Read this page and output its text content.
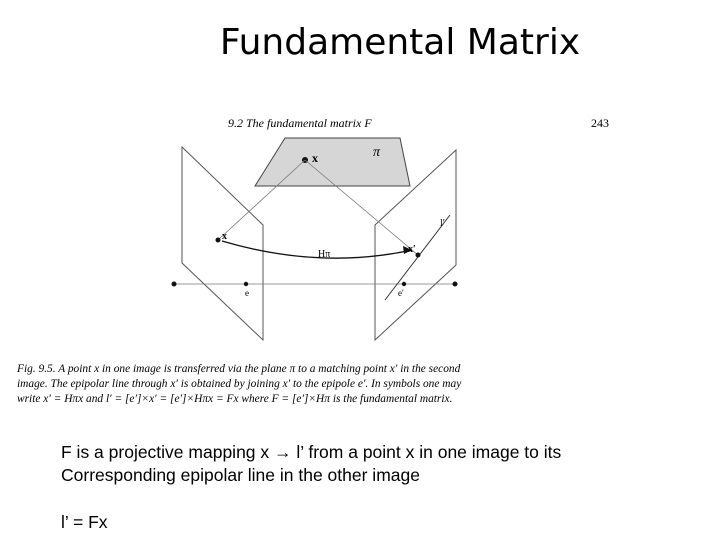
Fundamental Matrix
9.2 The fundamental matrix F	243
π
x
Hπ
x
x′
e	e′
l′
Fig. 9.5. A point x in one image is transferred via the plane π to a matching point x′ in the second
image. The epipolar line through x′ is obtained by joining x′ to the epipole e′. In symbols one may
write x′ = Hπx and l′ = [e′]×x′ = [e′]×Hπx = Fx where F = [e′]×Hπ is the fundamental matrix.
F is a projective mapping x → l’ from a point x in one image to its
Corresponding epipolar line in the other image
l’ = Fx
